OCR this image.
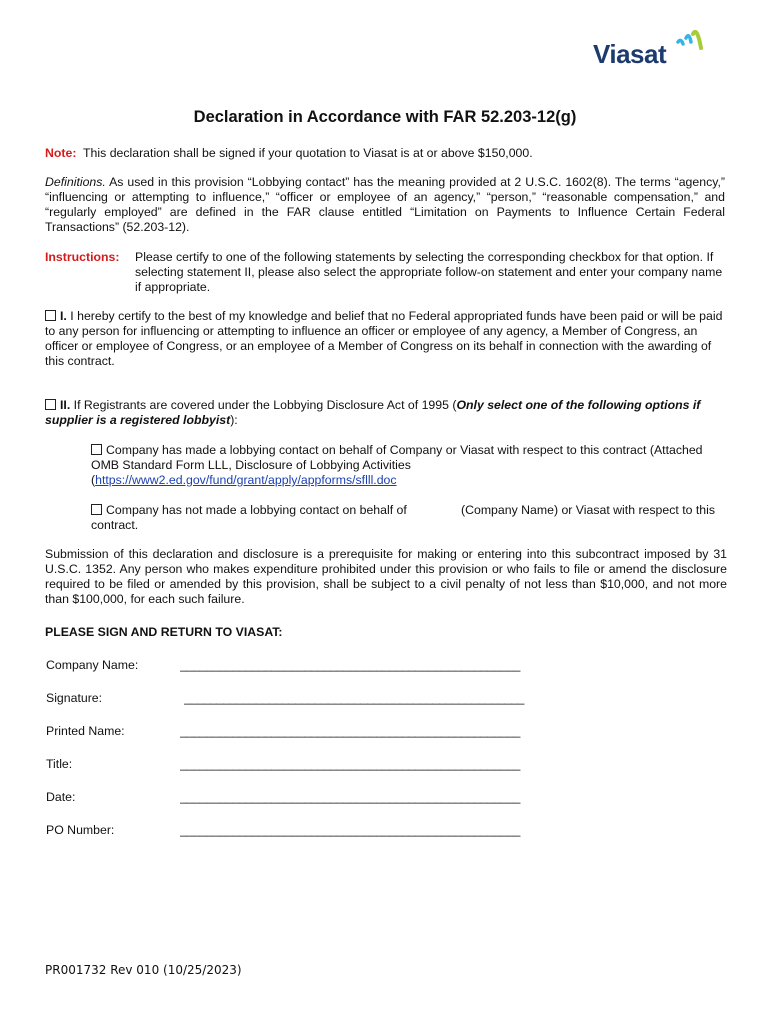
Viasat
Declaration in Accordance with FAR 52.203-12(g)
Note: This declaration shall be signed if your quotation to Viasat is at or above $150,000.
Definitions. As used in this provision “Lobbying contact” has the meaning provided at 2 U.S.C. 1602(8). The terms “agency,” “influencing or attempting to influence,” “officer or employee of an agency,” “person,” “reasonable compensation,” and “regularly employed” are defined in the FAR clause entitled “Limitation on Payments to Influence Certain Federal Transactions” (52.203-12).
Instructions:	Please certify to one of the following statements by selecting the corresponding checkbox for that option. If selecting statement II, please also select the appropriate follow-on statement and enter your company name if appropriate.
I. I hereby certify to the best of my knowledge and belief that no Federal appropriated funds have been paid or will be paid to any person for influencing or attempting to influence an officer or employee of any agency, a Member of Congress, an officer or employee of Congress, or an employee of a Member of Congress on its behalf in connection with the awarding of this contract.
II. If Registrants are covered under the Lobbying Disclosure Act of 1995 (Only select one of the following options if supplier is a registered lobbyist):
Company has made a lobbying contact on behalf of Company or Viasat with respect to this contract (Attached OMB Standard Form LLL, Disclosure of Lobbying Activities
(https://www2.ed.gov/fund/grant/apply/appforms/sflll.doc
Company has not made a lobbying contact on behalf of	(Company Name) or Viasat with respect to this
contract.
Submission of this declaration and disclosure is a prerequisite for making or entering into this subcontract imposed by 31 U.S.C. 1352. Any person who makes expenditure prohibited under this provision or who fails to file or amend the disclosure required to be filed or amended by this provision, shall be subject to a civil penalty of not less than $10,000, and not more than $100,000, for each such failure.
PLEASE SIGN AND RETURN TO VIASAT:
Company Name:	____________________________________________________
Signature:	____________________________________________________
Printed Name:	____________________________________________________
Title:	____________________________________________________
Date:	____________________________________________________
PO Number:	____________________________________________________
PR001732 Rev 010 (10/25/2023)
